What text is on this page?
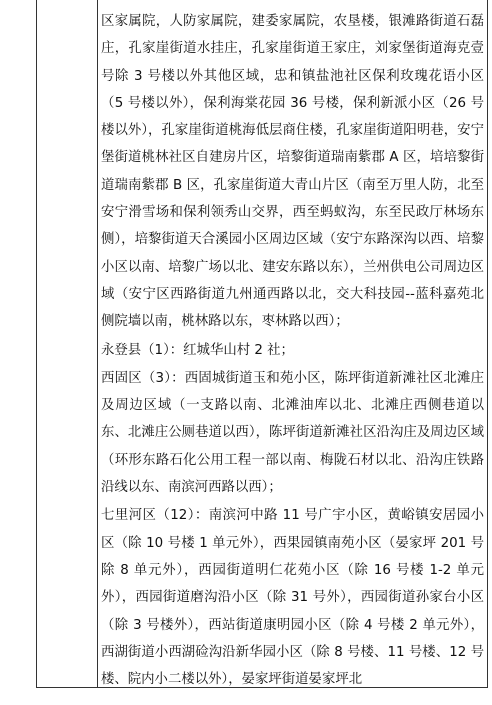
区家属院，人防家属院，建委家属院，农垦楼，银滩路街道石磊庄，孔家崖街道水挂庄，孔家崖街道王家庄，刘家堡街道海克壹号除 3 号楼以外其他区域，忠和镇盐池社区保利玫瑰花语小区（5 号楼以外），保利海棠花园 36 号楼，保利新派小区（26 号楼以外），孔家崖街道桃海低层商住楼，孔家崖街道阳明巷，安宁堡街道桃林社区自建房片区，培黎街道瑞南紫郡 A 区，培培黎街道瑞南紫郡 B 区，孔家崖街道大青山片区（南至万里人防，北至安宁滑雪场和保利领秀山交界，西至蚂蚁沟，东至民政厅林场东侧），培黎街道天合溪园小区周边区域（安宁东路深沟以西、培黎小区以南、培黎广场以北、建安东路以东），兰州供电公司周边区域（安宁区西路街道九州通西路以北，交大科技园--蓝科嘉苑北侧院墙以南，桃林路以东，枣林路以西）；

永登县（1）：红城华山村 2 社；

西固区（3）：西固城街道玉和苑小区，陈坪街道新滩社区北滩庄及周边区域（一支路以南、北滩油库以北、北滩庄西侧巷道以东、北滩庄公厕巷道以西），陈坪街道新滩社区沿沟庄及周边区域（环形东路石化公用工程一部以南、梅陇石材以北、沿沟庄铁路沿线以东、南滨河西路以西）；

七里河区（12）：南滨河中路 11 号广宇小区，黄峪镇安居园小区（除 10 号楼 1 单元外），西果园镇南苑小区（晏家坪 201 号除 8 单元外），西园街道明仁花苑小区（除 16 号楼 1-2 单元外），西园街道磨沟沿小区（除 31 号外），西园街道孙家台小区（除 3 号楼外），西站街道康明园小区（除 4 号楼 2 单元外），西湖街道小西湖硷沟沿新华园小区（除 8 号楼、11 号楼、12 号楼、院内小二楼以外），晏家坪街道晏家坪北
